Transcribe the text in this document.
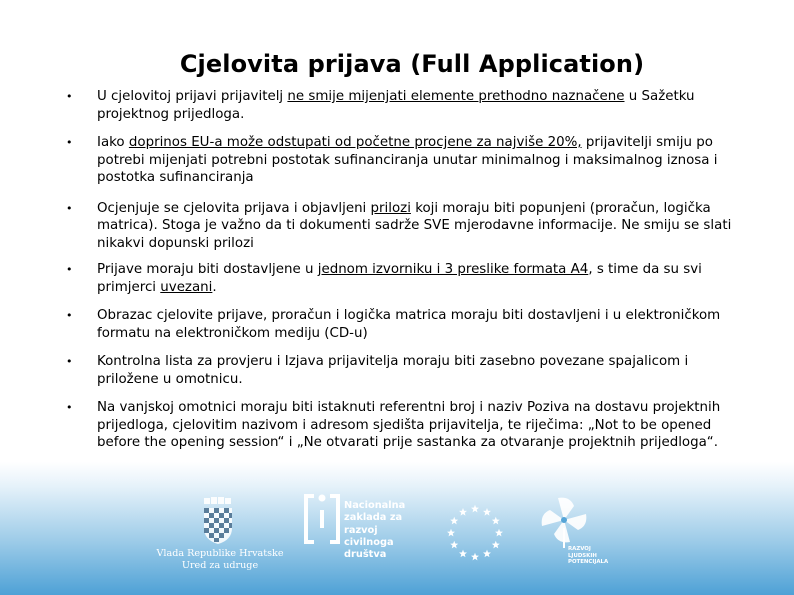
Cjelovita prijava (Full Application)
• U cjelovitoj prijavi prijavitelj ne smije mijenjati elemente prethodno naznačene u Sažetku projektnog prijedloga.
• Iako doprinos EU-a može odstupati od početne procjene za najviše 20%, prijavitelji smiju po potrebi mijenjati potrebni postotak sufinanciranja unutar minimalnog i maksimalnog iznosa i postotka sufinanciranja
• Ocjenjuje se cjelovita prijava i objavljeni prilozi koji moraju biti popunjeni (proračun, logička matrica). Stoga je važno da ti dokumenti sadrže SVE mjerodavne informacije. Ne smiju se slati nikakvi dopunski prilozi
• Prijave moraju biti dostavljene u jednom izvorniku i 3 preslike formata A4, s time da su svi primjerci uvezani.
• Obrazac cjelovite prijave, proračun i logička matrica moraju biti dostavljeni i u elektroničkom formatu na elektroničkom mediju (CD-u)
• Kontrolna lista za provjeru i Izjava prijavitelja moraju biti zasebno povezane spajalicom i priložene u omotnicu.
• Na vanjskoj omotnici moraju biti istaknuti referentni broj i naziv Poziva na dostavu projektnih prijedloga, cjelovitim nazivom i adresom sjedišta prijavitelja, te riječima: „Not to be opened before the opening session“ i „Ne otvarati prije sastanka za otvaranje projektnih prijedloga“.
Vlada Republike Hrvatske
Ured za udruge
Nacionalna
zaklada za
razvoj
civilnoga
društva
RAZVOJ
LJUDSKIH
POTENCIJALA
